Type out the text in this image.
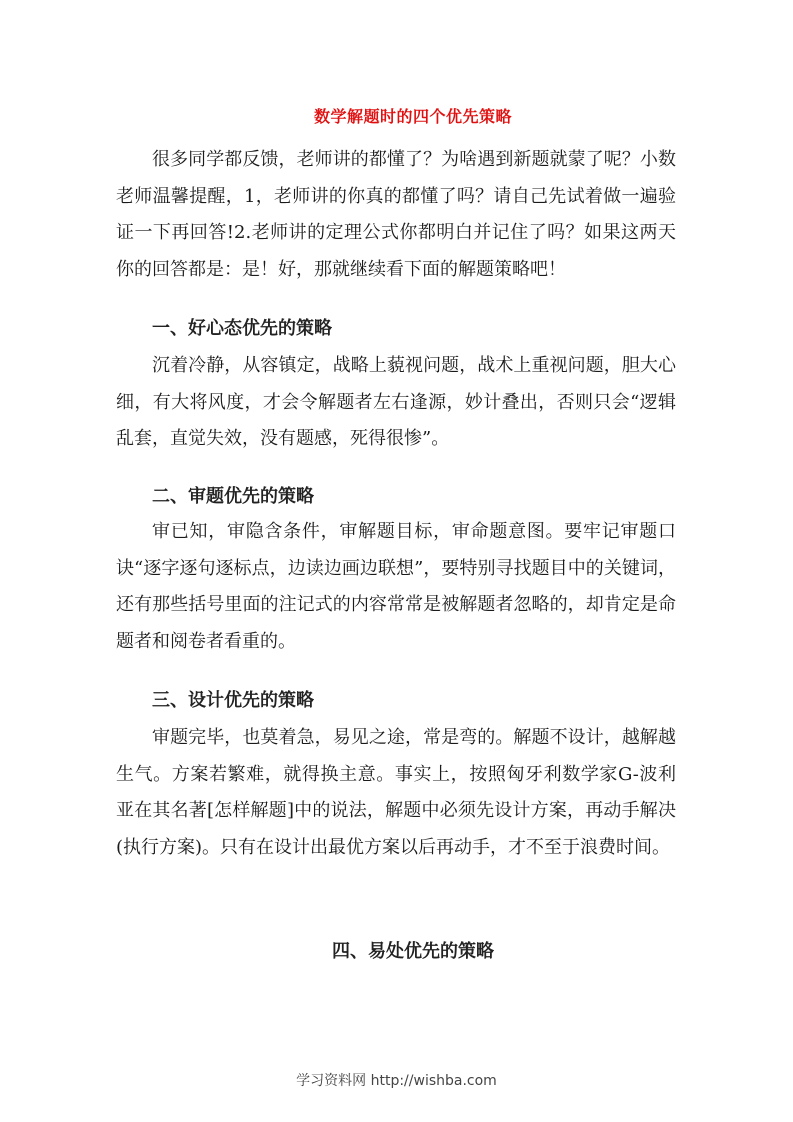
数学解题时的四个优先策略

很多同学都反馈，老师讲的都懂了？为啥遇到新题就蒙了呢？小数老师温馨提醒，1，老师讲的你真的都懂了吗？请自己先试着做一遍验证一下再回答!2.老师讲的定理公式你都明白并记住了吗？如果这两天你的回答都是：是！好，那就继续看下面的解题策略吧！

一、好心态优先的策略

沉着冷静，从容镇定，战略上藐视问题，战术上重视问题，胆大心细，有大将风度，才会令解题者左右逢源，妙计叠出，否则只会“逻辑乱套，直觉失效，没有题感，死得很惨”。

二、审题优先的策略

审已知，审隐含条件，审解题目标，审命题意图。要牢记审题口诀“逐字逐句逐标点，边读边画边联想”，要特别寻找题目中的关键词，还有那些括号里面的注记式的内容常常是被解题者忽略的，却肯定是命题者和阅卷者看重的。

三、设计优先的策略

审题完毕，也莫着急，易见之途，常是弯的。解题不设计，越解越生气。方案若繁难，就得换主意。事实上，按照匈牙利数学家G-波利亚在其名著[怎样解题]中的说法，解题中必须先设计方案，再动手解决(执行方案)。只有在设计出最优方案以后再动手，才不至于浪费时间。

四、易处优先的策略
学习资料网 http://wishba.com
